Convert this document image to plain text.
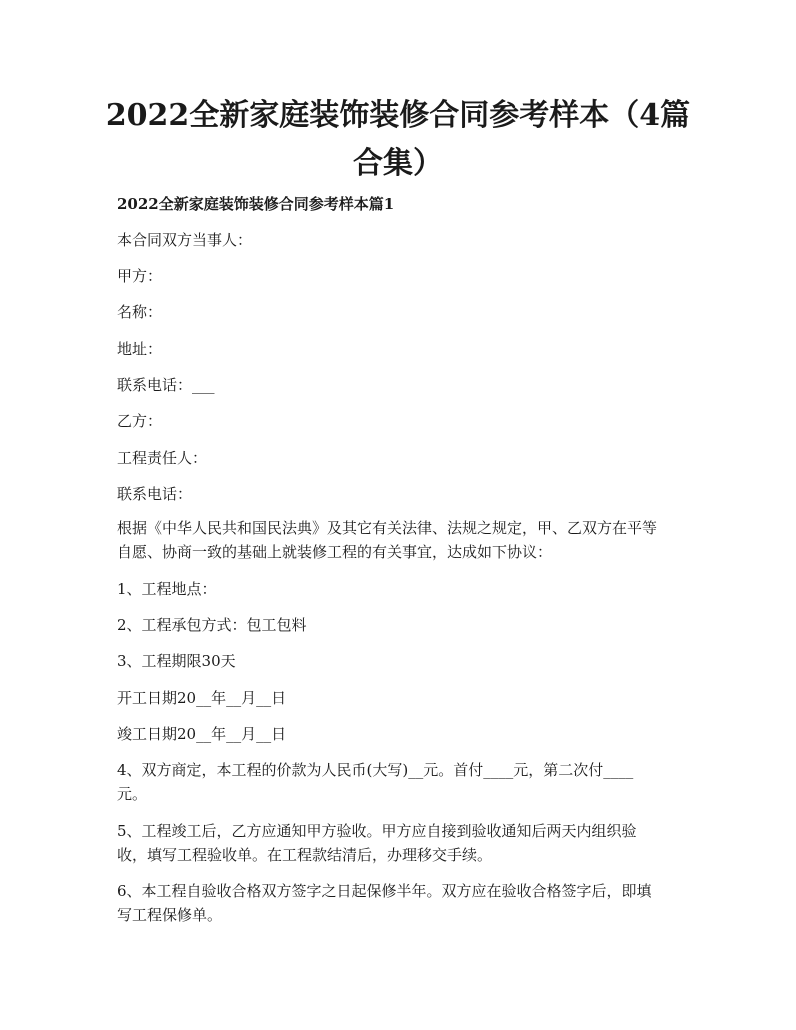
2022全新家庭装饰装修合同参考样本（4篇
合集）
2022全新家庭装饰装修合同参考样本篇1

本合同双方当事人：

甲方：

名称：

地址：

联系电话：___

乙方：

工程责任人：

联系电话：

根据《中华人民共和国民法典》及其它有关法律、法规之规定，甲、乙双方在平等
自愿、协商一致的基础上就装修工程的有关事宜，达成如下协议：

1、工程地点：

2、工程承包方式：包工包料

3、工程期限30天

开工日期20__年__月__日

竣工日期20__年__月__日

4、双方商定，本工程的价款为人民币(大写)__元。首付____元，第二次付____
元。

5、工程竣工后，乙方应通知甲方验收。甲方应自接到验收通知后两天内组织验
收，填写工程验收单。在工程款结清后，办理移交手续。

6、本工程自验收合格双方签字之日起保修半年。双方应在验收合格签字后，即填
写工程保修单。
